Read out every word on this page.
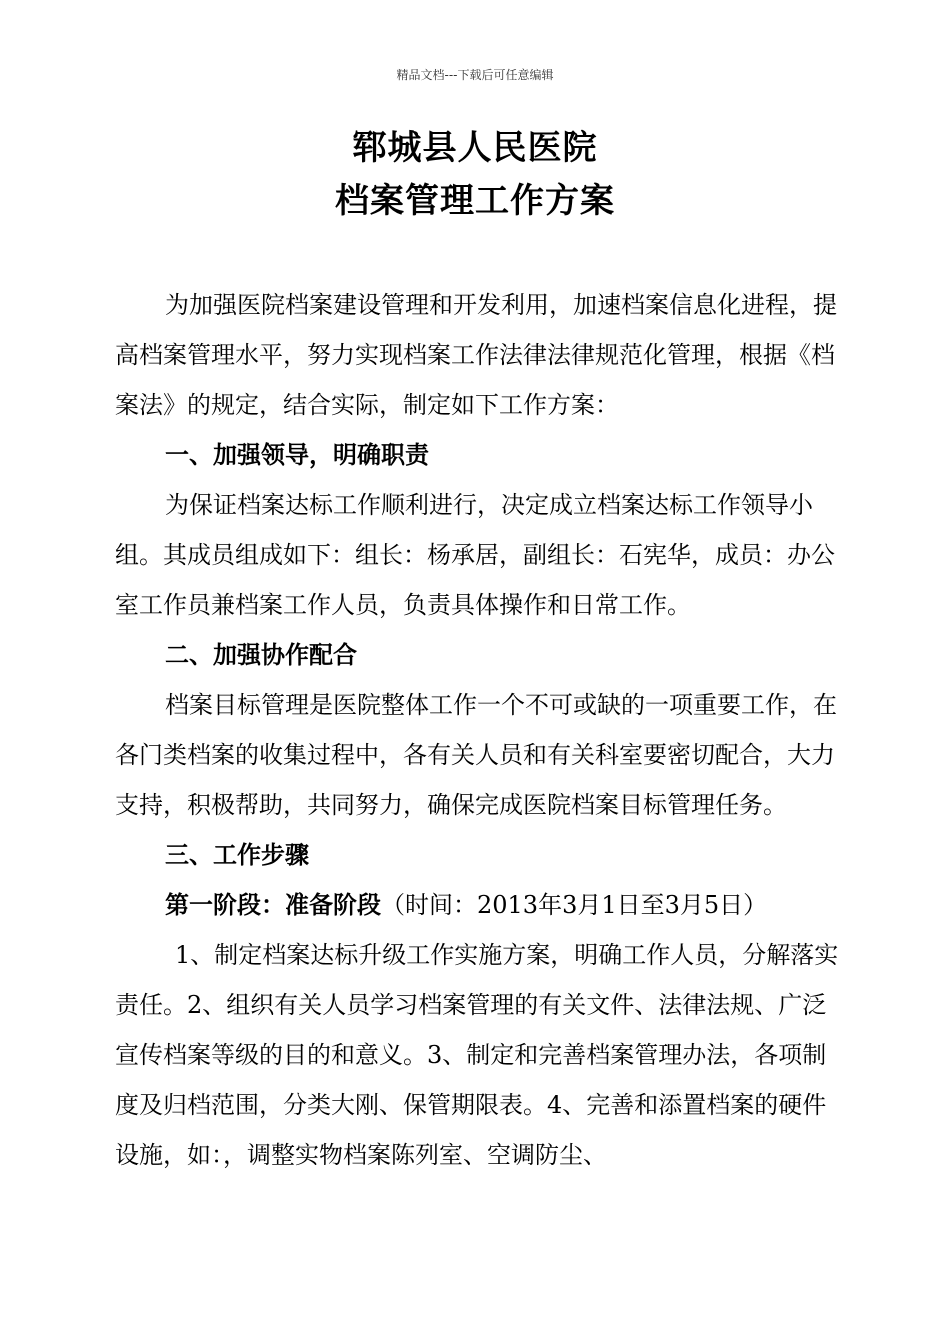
精品文档---下载后可任意编辑
郓城县人民医院
档案管理工作方案

为加强医院档案建设管理和开发利用，加速档案信息化进程，提高档案管理水平，努力实现档案工作法律法律规范化管理，根据《档案法》的规定，结合实际，制定如下工作方案：

一、加强领导，明确职责

为保证档案达标工作顺利进行，决定成立档案达标工作领导小组。其成员组成如下：组长：杨承居，副组长：石宪华，成员：办公室工作员兼档案工作人员，负责具体操作和日常工作。

二、加强协作配合

档案目标管理是医院整体工作一个不可或缺的一项重要工作，在各门类档案的收集过程中，各有关人员和有关科室要密切配合，大力支持，积极帮助，共同努力，确保完成医院档案目标管理任务。

三、工作步骤

第一阶段：准备阶段（时间：2013年3月1日至3月5日）

1、制定档案达标升级工作实施方案，明确工作人员，分解落实责任。2、组织有关人员学习档案管理的有关文件、法律法规、广泛宣传档案等级的目的和意义。3、制定和完善档案管理办法，各项制度及归档范围，分类大刚、保管期限表。4、完善和添置档案的硬件设施，如：，调整实物档案陈列室、空调防尘、
